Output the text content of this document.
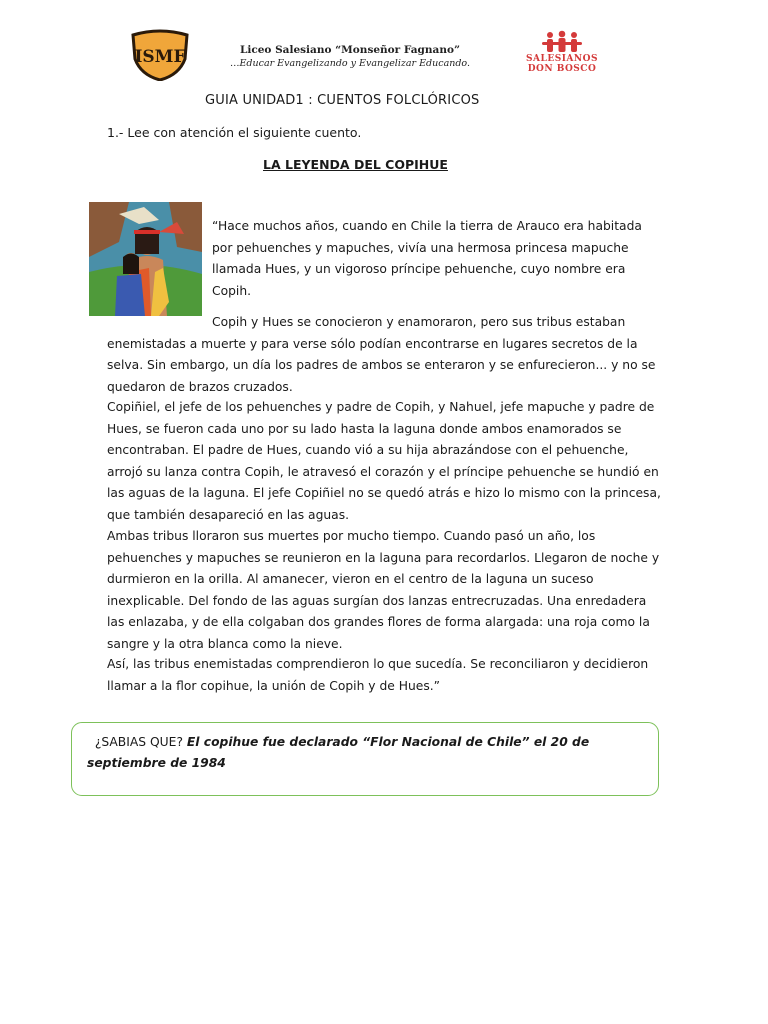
ISMF	Liceo Salesiano “Monseñor Fagnano”
…Educar Evangelizando y Evangelizar Educando.	SALESIANOS
DON BOSCO
GUIA UNIDAD1 : CUENTOS FOLCLÓRICOS
1.- Lee con atención el siguiente cuento.
LA LEYENDA DEL COPIHUE
“Hace muchos años, cuando en Chile la tierra de Arauco era habitada por pehuenches y mapuches, vivía una hermosa princesa mapuche llamada Hues, y un vigoroso príncipe pehuenche, cuyo nombre era Copih.
Copih y Hues se conocieron y enamoraron, pero sus tribus estaban enemistadas a muerte y para verse sólo podían encontrarse en lugares secretos de la selva. Sin embargo, un día los padres de ambos se enteraron y se enfurecieron... y no se quedaron de brazos cruzados.
Copiñiel, el jefe de los pehuenches y padre de Copih, y Nahuel, jefe mapuche y padre de Hues, se fueron cada uno por su lado hasta la laguna donde ambos enamorados se encontraban. El padre de Hues, cuando vió a su hija abrazándose con el pehuenche, arrojó su lanza contra Copih, le atravesó el corazón y el príncipe pehuenche se hundió en las aguas de la laguna. El jefe Copiñiel no se quedó atrás e hizo lo mismo con la princesa, que también desapareció en las aguas.
Ambas tribus lloraron sus muertes por mucho tiempo. Cuando pasó un año, los pehuenches y mapuches se reunieron en la laguna para recordarlos. Llegaron de noche y durmieron en la orilla. Al amanecer, vieron en el centro de la laguna un suceso inexplicable. Del fondo de las aguas surgían dos lanzas entrecruzadas. Una enredadera las enlazaba, y de ella colgaban dos grandes flores de forma alargada: una roja como la sangre y la otra blanca como la nieve.
Así, las tribus enemistadas comprendieron lo que sucedía. Se reconciliaron y decidieron llamar a la flor copihue, la unión de Copih y de Hues.”
¿SABIAS QUE? El copihue fue declarado “Flor Nacional de Chile” el 20 de septiembre de 1984
